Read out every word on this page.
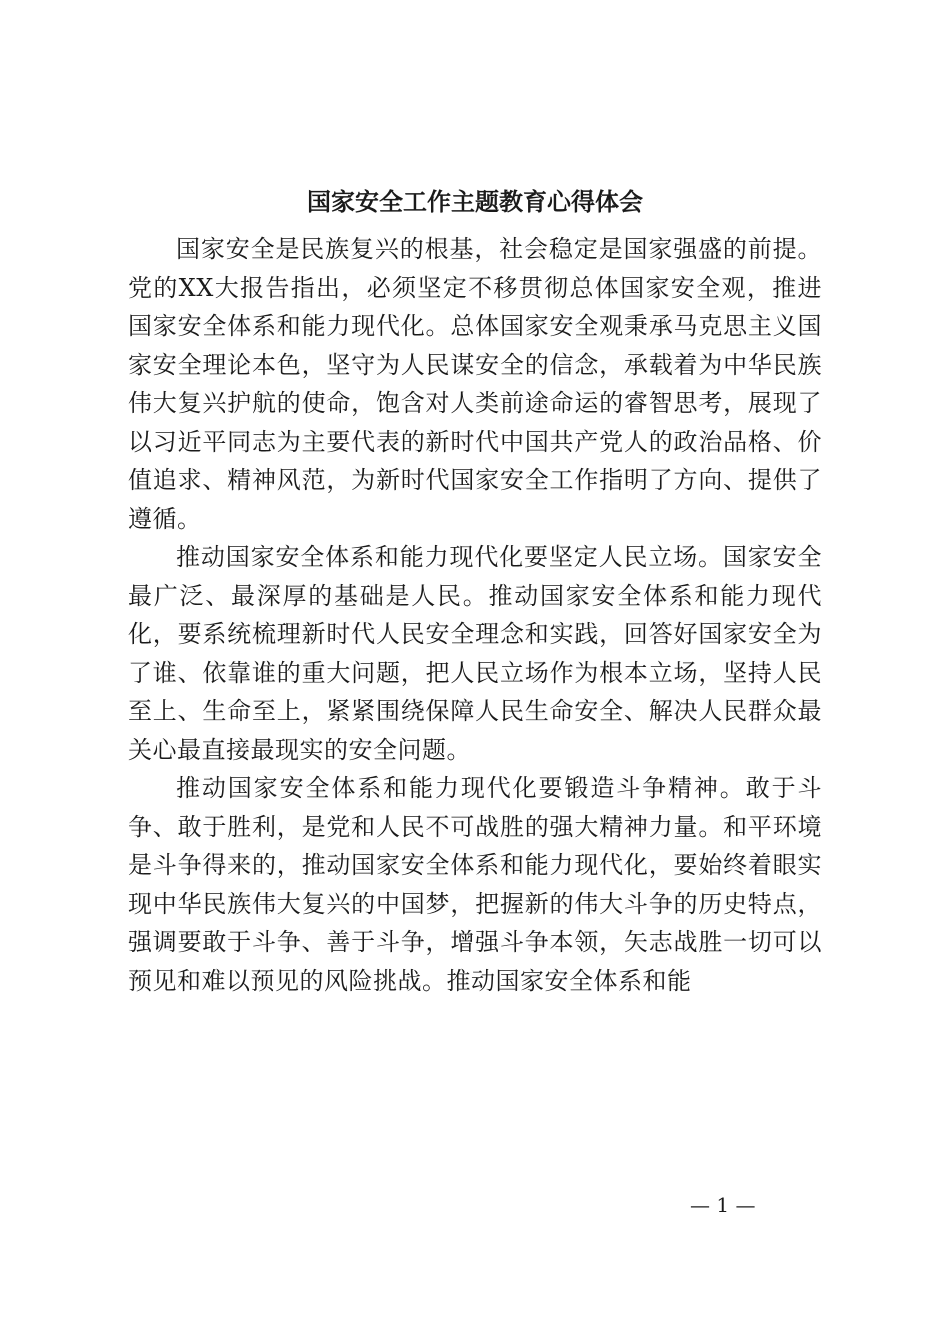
国家安全工作主题教育心得体会

国家安全是民族复兴的根基，社会稳定是国家强盛的前提。党的XX大报告指出，必须坚定不移贯彻总体国家安全观，推进国家安全体系和能力现代化。总体国家安全观秉承马克思主义国家安全理论本色，坚守为人民谋安全的信念，承载着为中华民族伟大复兴护航的使命，饱含对人类前途命运的睿智思考，展现了以习近平同志为主要代表的新时代中国共产党人的政治品格、价值追求、精神风范，为新时代国家安全工作指明了方向、提供了遵循。

推动国家安全体系和能力现代化要坚定人民立场。国家安全最广泛、最深厚的基础是人民。推动国家安全体系和能力现代化，要系统梳理新时代人民安全理念和实践，回答好国家安全为了谁、依靠谁的重大问题，把人民立场作为根本立场，坚持人民至上、生命至上，紧紧围绕保障人民生命安全、解决人民群众最关心最直接最现实的安全问题。

推动国家安全体系和能力现代化要锻造斗争精神。敢于斗争、敢于胜利，是党和人民不可战胜的强大精神力量。和平环境是斗争得来的，推动国家安全体系和能力现代化，要始终着眼实现中华民族伟大复兴的中国梦，把握新的伟大斗争的历史特点，强调要敢于斗争、善于斗争，增强斗争本领，矢志战胜一切可以预见和难以预见的风险挑战。推动国家安全体系和能

— 1 —
